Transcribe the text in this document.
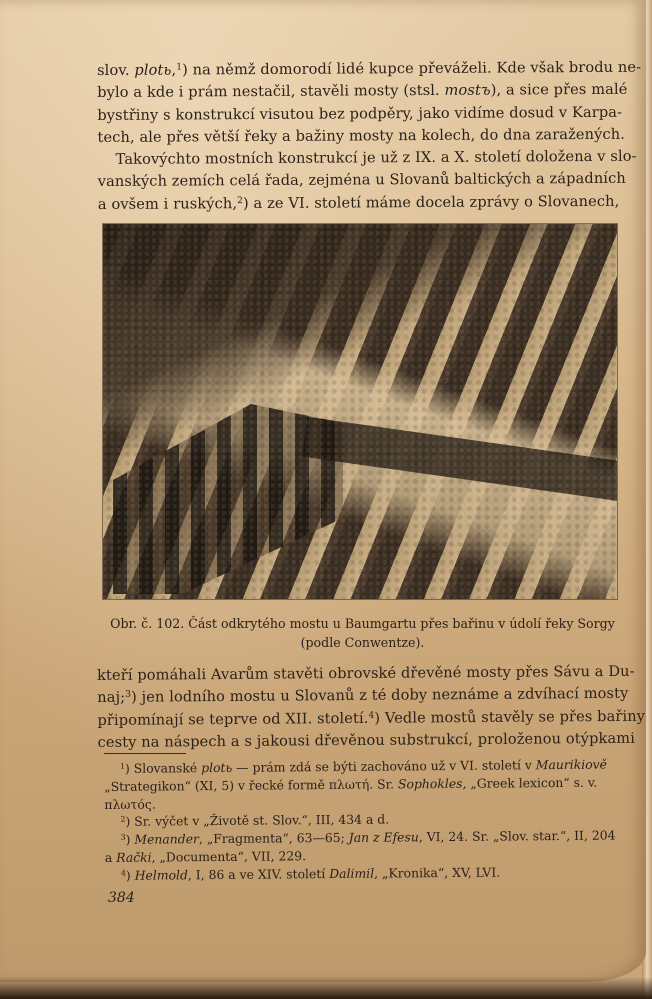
slov. plotь,$^1$) na němž domorodí lidé kupce převáželi. Kde však brodu ne-
bylo a kde i prám nestačil, stavěli mosty (stsl. mostъ), a sice přes malé
bystřiny s konstrukcí visutou bez podpěry, jako vidíme dosud v Karpa-
tech, ale přes větší řeky a bažiny mosty na kolech, do dna zaražených.
Takovýchto mostních konstrukcí je už z IX. a X. století doložena v slo-
vanských zemích celá řada, zejména u Slovanů baltických a západních
a ovšem i ruských,$^2$) a ze VI. století máme docela zprávy o Slovanech,
Obr. č. 102. Část odkrytého mostu u Baumgartu přes bařinu v údolí řeky Sorgy
(podle Conwentze).
kteří pomáhali Avarům stavěti obrovské dřevěné mosty přes Sávu a Du-
naj;$^3$) jen lodního mostu u Slovanů z té doby neznáme a zdvíhací mosty
připomínají se teprve od XII. století.$^4$) Vedle mostů stavěly se přes bařiny
cesty na náspech a s jakousi dřevěnou substrukcí, proloženou otýpkami
$^1$) Slovanské plotь — prám zdá se býti zachováno už v VI. století v Maurikiově
„Strategikon“ (XI, 5) v řecké formě πλωτή. Sr. Sophokles, „Greek lexicon“ s. v.
πλωτός.
$^2$) Sr. výčet v „Životě st. Slov.“, III, 434 a d.
$^3$) Menander, „Fragmenta“, 63—65; Jan z Efesu, VI, 24. Sr. „Slov. star.“, II, 204
a Rački, „Documenta“, VII, 229.
$^4$) Helmold, I, 86 a ve XIV. století Dalimil, „Kronika“, XV, LVI.
384
